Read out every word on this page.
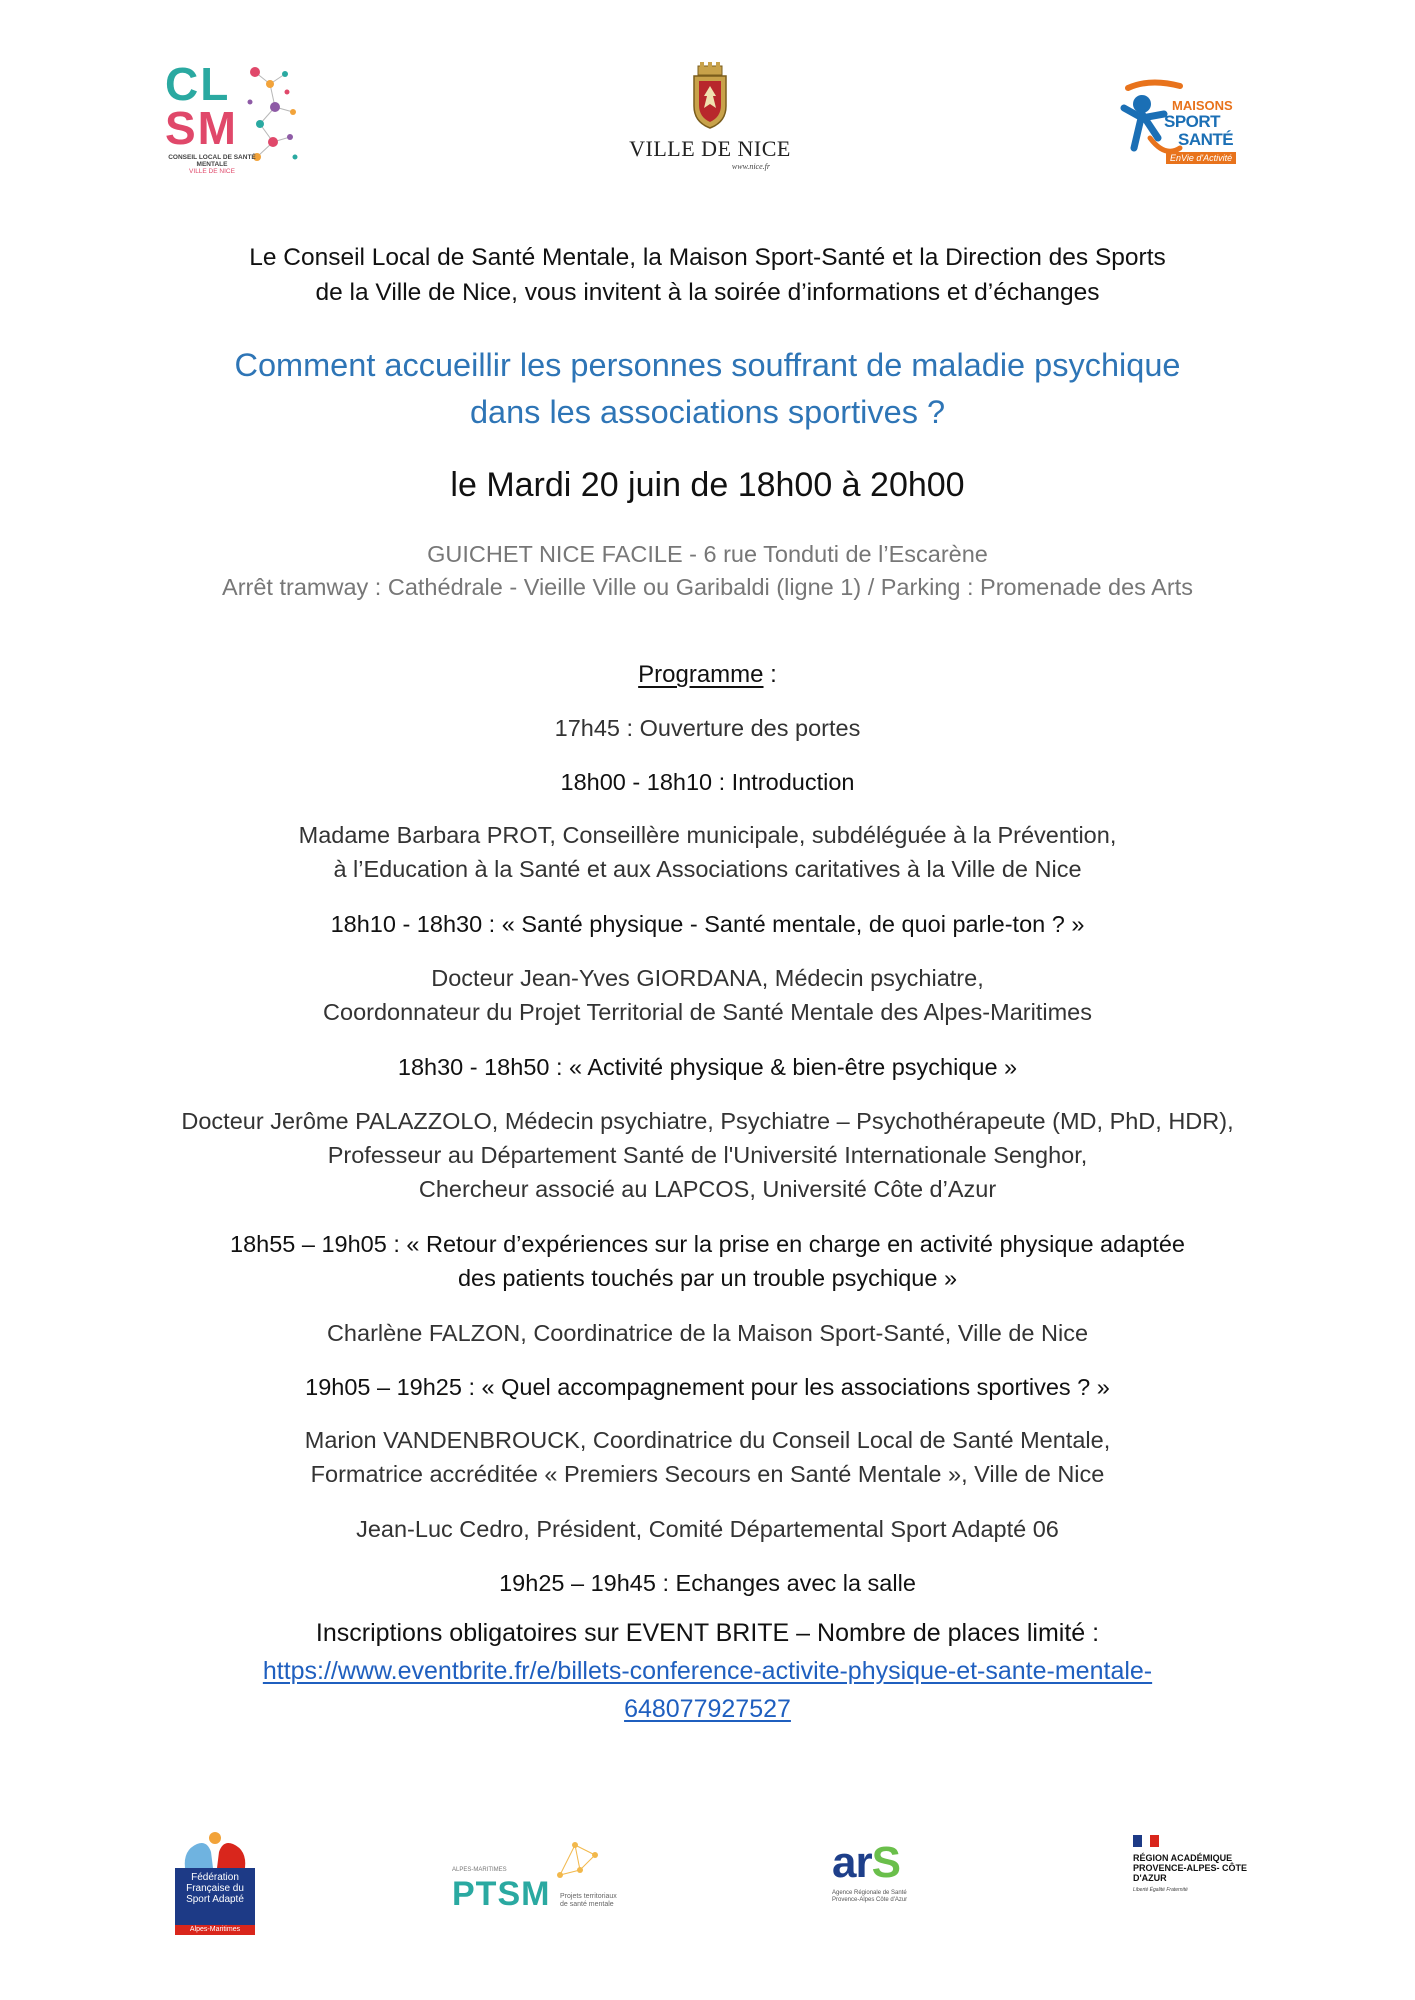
CL
SM
CONSEIL LOCAL DE SANTÉ MENTALE
VILLE DE NICE
VILLE DE NICE
www.nice.fr
MAISONS
SPORT
SANTÉ
EnVie d'Activité
Le Conseil Local de Santé Mentale, la Maison Sport-Santé et la Direction des Sports
de la Ville de Nice, vous invitent à la soirée d’informations et d’échanges
Comment accueillir les personnes souffrant de maladie psychique
dans les associations sportives ?
le Mardi 20 juin de 18h00 à 20h00
GUICHET NICE FACILE - 6 rue Tonduti de l’Escarène
Arrêt tramway : Cathédrale - Vieille Ville ou Garibaldi (ligne 1) / Parking : Promenade des Arts
Programme :
17h45 : Ouverture des portes
18h00 - 18h10 : Introduction
Madame Barbara PROT, Conseillère municipale, subdéléguée à la Prévention,
à l’Education à la Santé et aux Associations caritatives à la Ville de Nice
18h10 - 18h30 : « Santé physique - Santé mentale, de quoi parle-ton ? »
Docteur Jean-Yves GIORDANA, Médecin psychiatre,
Coordonnateur du Projet Territorial de Santé Mentale des Alpes-Maritimes
18h30 - 18h50 : « Activité physique & bien-être psychique »
Docteur Jerôme PALAZZOLO, Médecin psychiatre, Psychiatre – Psychothérapeute (MD, PhD, HDR),
Professeur au Département Santé de l'Université Internationale Senghor,
Chercheur associé au LAPCOS, Université Côte d’Azur
18h55 – 19h05 : « Retour d’expériences sur la prise en charge en activité physique adaptée
des patients touchés par un trouble psychique »
Charlène FALZON, Coordinatrice de la Maison Sport-Santé, Ville de Nice
19h05 – 19h25 : « Quel accompagnement pour les associations sportives ? »
Marion VANDENBROUCK, Coordinatrice du Conseil Local de Santé Mentale,
Formatrice accréditée « Premiers Secours en Santé Mentale », Ville de Nice
Jean-Luc Cedro, Président, Comité Départemental Sport Adapté 06
19h25 – 19h45 : Echanges avec la salle
Inscriptions obligatoires sur EVENT BRITE – Nombre de places limité :
https://www.eventbrite.fr/e/billets-conference-activite-physique-et-sante-mentale-
648077927527
Fédération Française du Sport Adapté
Alpes-Maritimes
ALPES-MARITIMES
PTSM Projets territoriaux de santé mentale
arS
Agence Régionale de Santé Provence-Alpes Côte d'Azur
RÉGION ACADÉMIQUE PROVENCE-ALPES- CÔTE D'AZUR
Liberté Égalité Fraternité
